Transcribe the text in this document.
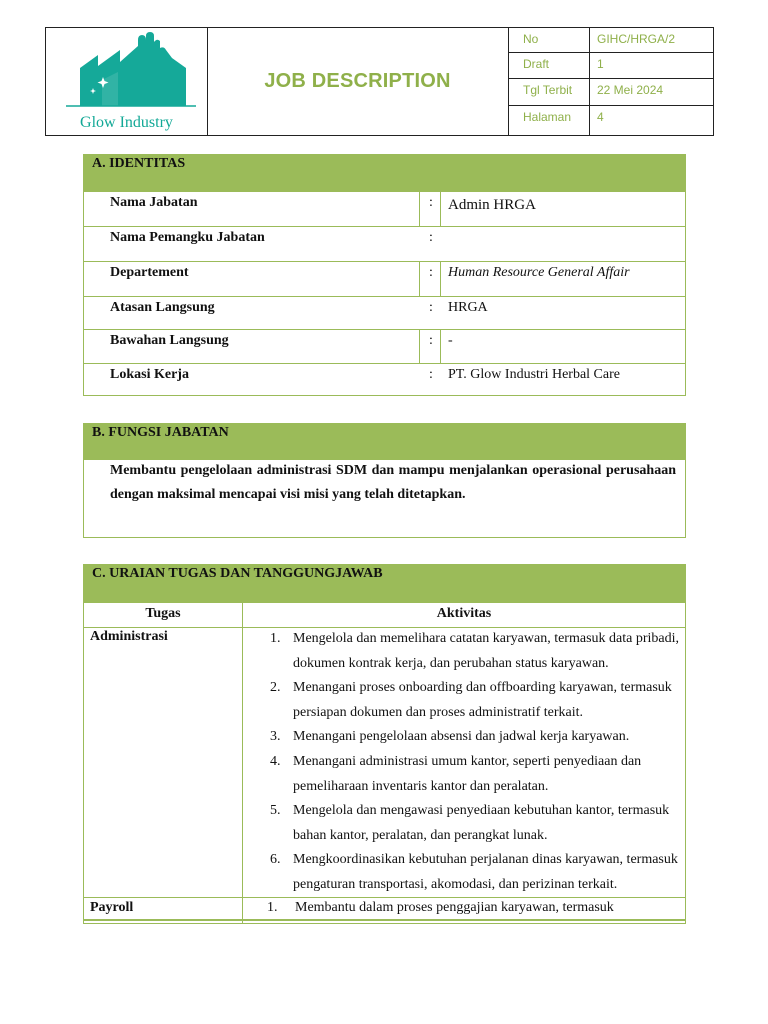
Glow Industry
JOB DESCRIPTION
No	GIHC/HRGA/2
Draft	1
Tgl Terbit 22 Mei 2024
Halaman 4
A. IDENTITAS
Nama Jabatan	: Admin HRGA
Nama Pemangku Jabatan	:
Departement	: Human Resource General Affair
Atasan Langsung	: HRGA
Bawahan Langsung	: -
Lokasi Kerja	: PT. Glow Industri Herbal Care
B. FUNGSI JABATAN
Membantu pengelolaan administrasi SDM dan mampu menjalankan operasional perusahaan dengan maksimal mencapai visi misi yang telah ditetapkan.
C. URAIAN TUGAS DAN TANGGUNGJAWAB
Tugas	Aktivitas
Administrasi	1. Mengelola dan memelihara catatan karyawan, termasuk data pribadi, dokumen kontrak kerja, dan perubahan status karyawan.
2. Menangani proses onboarding dan offboarding karyawan, termasuk persiapan dokumen dan proses administratif terkait.
3. Menangani pengelolaan absensi dan jadwal kerja karyawan.
4. Menangani administrasi umum kantor, seperti penyediaan dan pemeliharaan inventaris kantor dan peralatan.
5. Mengelola dan mengawasi penyediaan kebutuhan kantor, termasuk bahan kantor, peralatan, dan perangkat lunak.
6. Mengkoordinasikan kebutuhan perjalanan dinas karyawan, termasuk pengaturan transportasi, akomodasi, dan perizinan terkait.
Payroll	1. Membantu dalam proses penggajian karyawan, termasuk
